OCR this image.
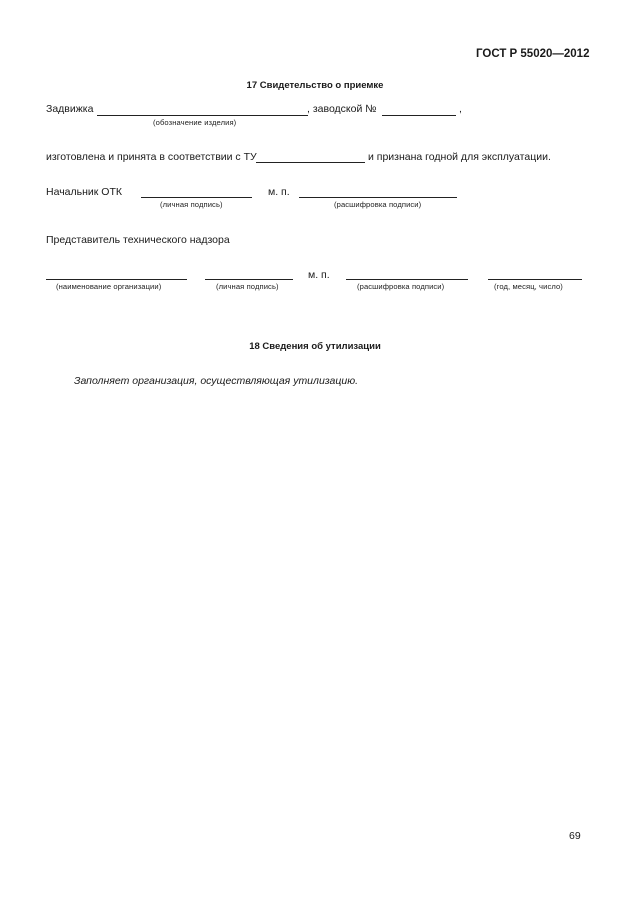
ГОСТ Р 55020—2012
17 Свидетельство о приемке
Задвижка
(обозначение изделия)
, заводской №	,
изготовлена и принята в соответствии с ТУ	и признана годной для эксплуатации.
Начальник ОТК
(личная подпись)
м. п.
(расшифровка подписи)
Представитель технического надзора
(наименование организации)	(личная подпись)
м. п.
(расшифровка подписи)	(год, месяц, число)
18 Сведения об утилизации
Заполняет организация, осуществляющая утилизацию.
69
